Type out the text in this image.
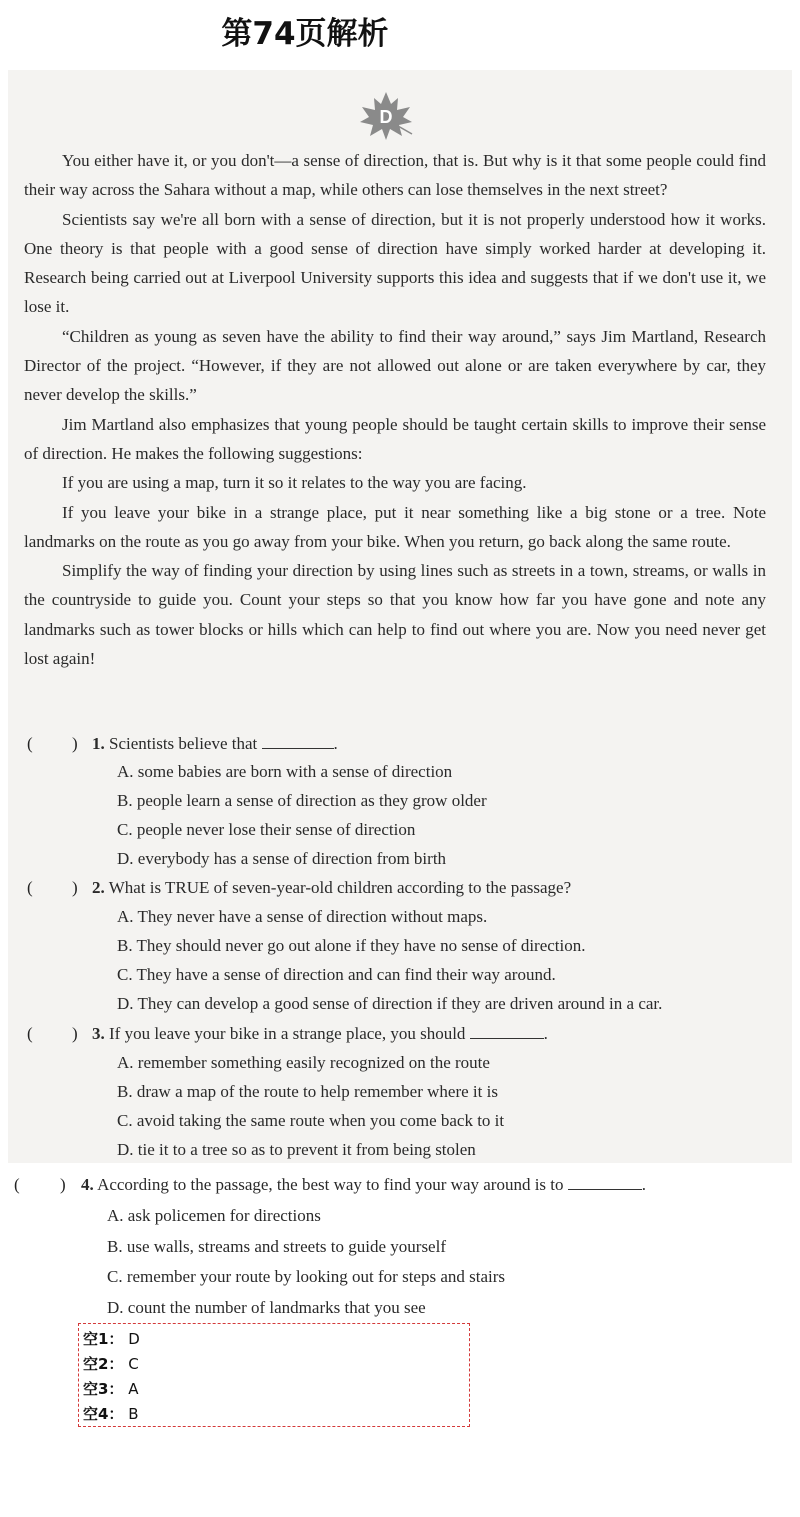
第74页解析
D

You either have it, or you don't—a sense of direction, that is. But why is it that some people could find their way across the Sahara without a map, while others can lose themselves in the next street?

Scientists say we're all born with a sense of direction, but it is not properly understood how it works. One theory is that people with a good sense of direction have simply worked harder at developing it. Research being carried out at Liverpool University supports this idea and suggests that if we don't use it, we lose it.

“Children as young as seven have the ability to find their way around,” says Jim Martland, Research Director of the project. “However, if they are not allowed out alone or are taken everywhere by car, they never develop the skills.”

Jim Martland also emphasizes that young people should be taught certain skills to improve their sense of direction. He makes the following suggestions:

If you are using a map, turn it so it relates to the way you are facing.

If you leave your bike in a strange place, put it near something like a big stone or a tree. Note landmarks on the route as you go away from your bike. When you return, go back along the same route.

Simplify the way of finding your direction by using lines such as streets in a town, streams, or walls in the countryside to guide you. Count your steps so that you know how far you have gone and note any landmarks such as tower blocks or hills which can help to find out where you are. Now you need never get lost again!

( ) 1. Scientists believe that	.
A. some babies are born with a sense of direction
B. people learn a sense of direction as they grow older
C. people never lose their sense of direction
D. everybody has a sense of direction from birth
( ) 2. What is TRUE of seven-year-old children according to the passage?
A. They never have a sense of direction without maps.
B. They should never go out alone if they have no sense of direction.
C. They have a sense of direction and can find their way around.
D. They can develop a good sense of direction if they are driven around in a car.
( ) 3. If you leave your bike in a strange place, you should	.
A. remember something easily recognized on the route
B. draw a map of the route to help remember where it is
C. avoid taking the same route when you come back to it
D. tie it to a tree so as to prevent it from being stolen
( ) 4. According to the passage, the best way to find your way around is to	.
A. ask policemen for directions
B. use walls, streams and streets to guide yourself
C. remember your route by looking out for steps and stairs
D. count the number of landmarks that you see
空1： D
空2： C
空3： A
空4： B
